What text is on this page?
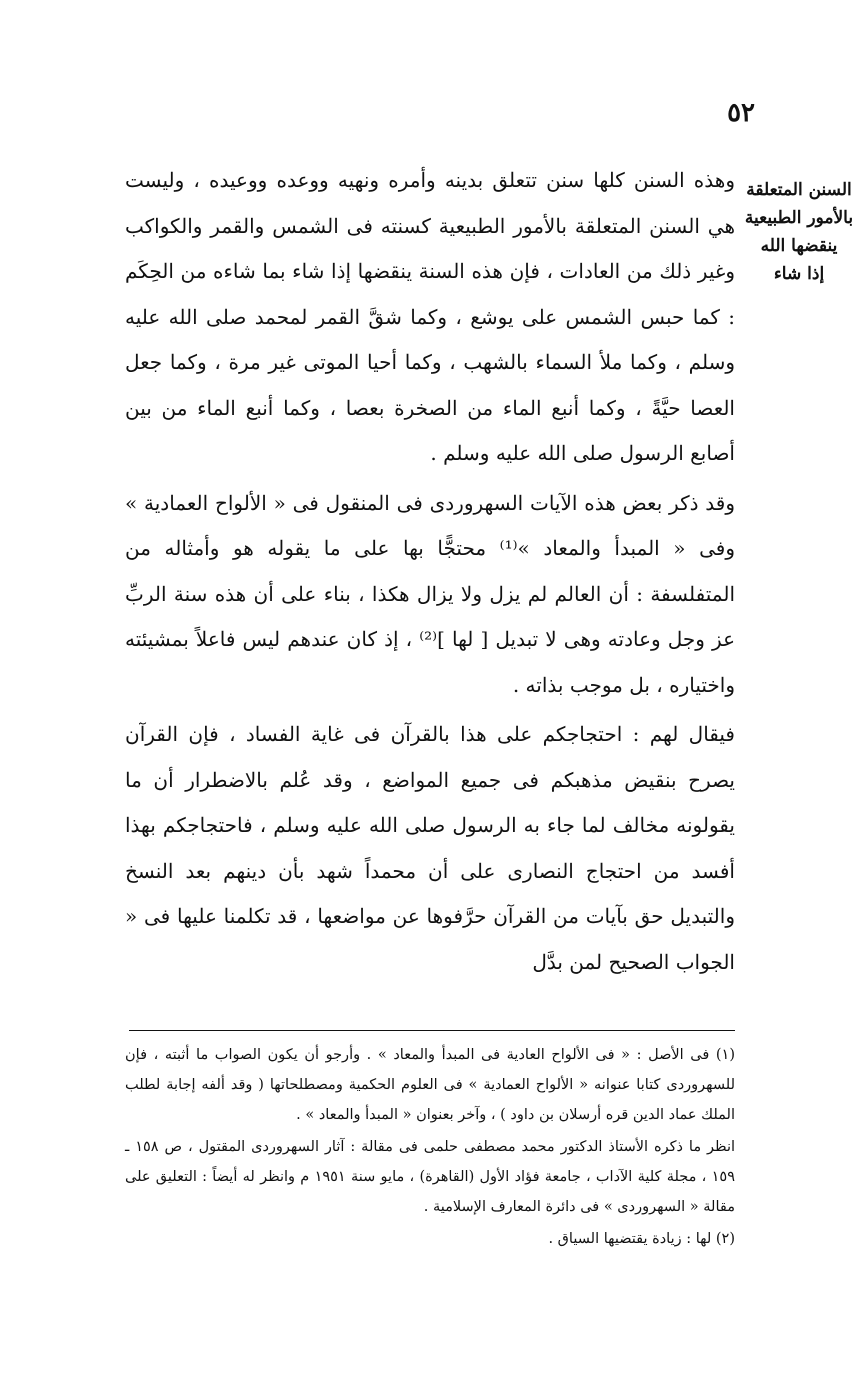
٥٢
السنن المتعلقة
بالأمور الطبيعية
ينقضها الله
إذا شاء

وهذه السنن كلها سنن تتعلق بدينه وأمره ونهيه ووعده ووعيده ، وليست هي السنن المتعلقة بالأمور الطبيعية كسنته فى الشمس والقمر والكواكب وغير ذلك من العادات ، فإن هذه السنة ينقضها إذا شاء بما شاءه من الحِكَم : كما حبس الشمس على يوشع ، وكما شقَّ القمر لمحمد صلى الله عليه وسلم ، وكما ملأ السماء بالشهب ، وكما أحيا الموتى غير مرة ، وكما جعل العصا حيَّةً ، وكما أنبع الماء من الصخرة بعصا ، وكما أنبع الماء من بين أصابع الرسول صلى الله عليه وسلم .

وقد ذكر بعض هذه الآيات السهروردى فى المنقول فى « الألواح العمادية » وفى « المبدأ والمعاد »⁽¹⁾ محتجًّا بها على ما يقوله هو وأمثاله من المتفلسفة : أن العالم لم يزل ولا يزال هكذا ، بناء على أن هذه سنة الربِّ عز وجل وعادته وهى لا تبديل [ لها ]⁽²⁾ ، إذ كان عندهم ليس فاعلاً بمشيئته واختياره ، بل موجب بذاته .

فيقال لهم : احتجاجكم على هذا بالقرآن فى غاية الفساد ، فإن القرآن يصرح بنقيض مذهبكم فى جميع المواضع ، وقد عُلم بالاضطرار أن ما يقولونه مخالف لما جاء به الرسول صلى الله عليه وسلم ، فاحتجاجكم بهذا أفسد من احتجاج النصارى على أن محمداً شهد بأن دينهم بعد النسخ والتبديل حق بآيات من القرآن حرَّفوها عن مواضعها ، قد تكلمنا عليها فى « الجواب الصحيح لمن بدَّل

(١) فى الأصل : « فى الألواح العادية فى المبدأ والمعاد » . وأرجو أن يكون الصواب ما أثبته ، فإن للسهروردى كتابا عنوانه « الألواح العمادية » فى العلوم الحكمية ومصطلحاتها ( وقد ألفه إجابة لطلب الملك عماد الدين قره أرسلان بن داود ) ، وآخر بعنوان « المبدأ والمعاد » .

انظر ما ذكره الأستاذ الدكتور محمد مصطفى حلمى فى مقالة : آثار السهروردى المقتول ، ص ١٥٨ ـ ١٥٩ ، مجلة كلية الآداب ، جامعة فؤاد الأول (القاهرة) ، مايو سنة ١٩٥١ م وانظر له أيضاً : التعليق على مقالة « السهروردى » فى دائرة المعارف الإسلامية .

(٢) لها : زيادة يقتضيها السياق .
